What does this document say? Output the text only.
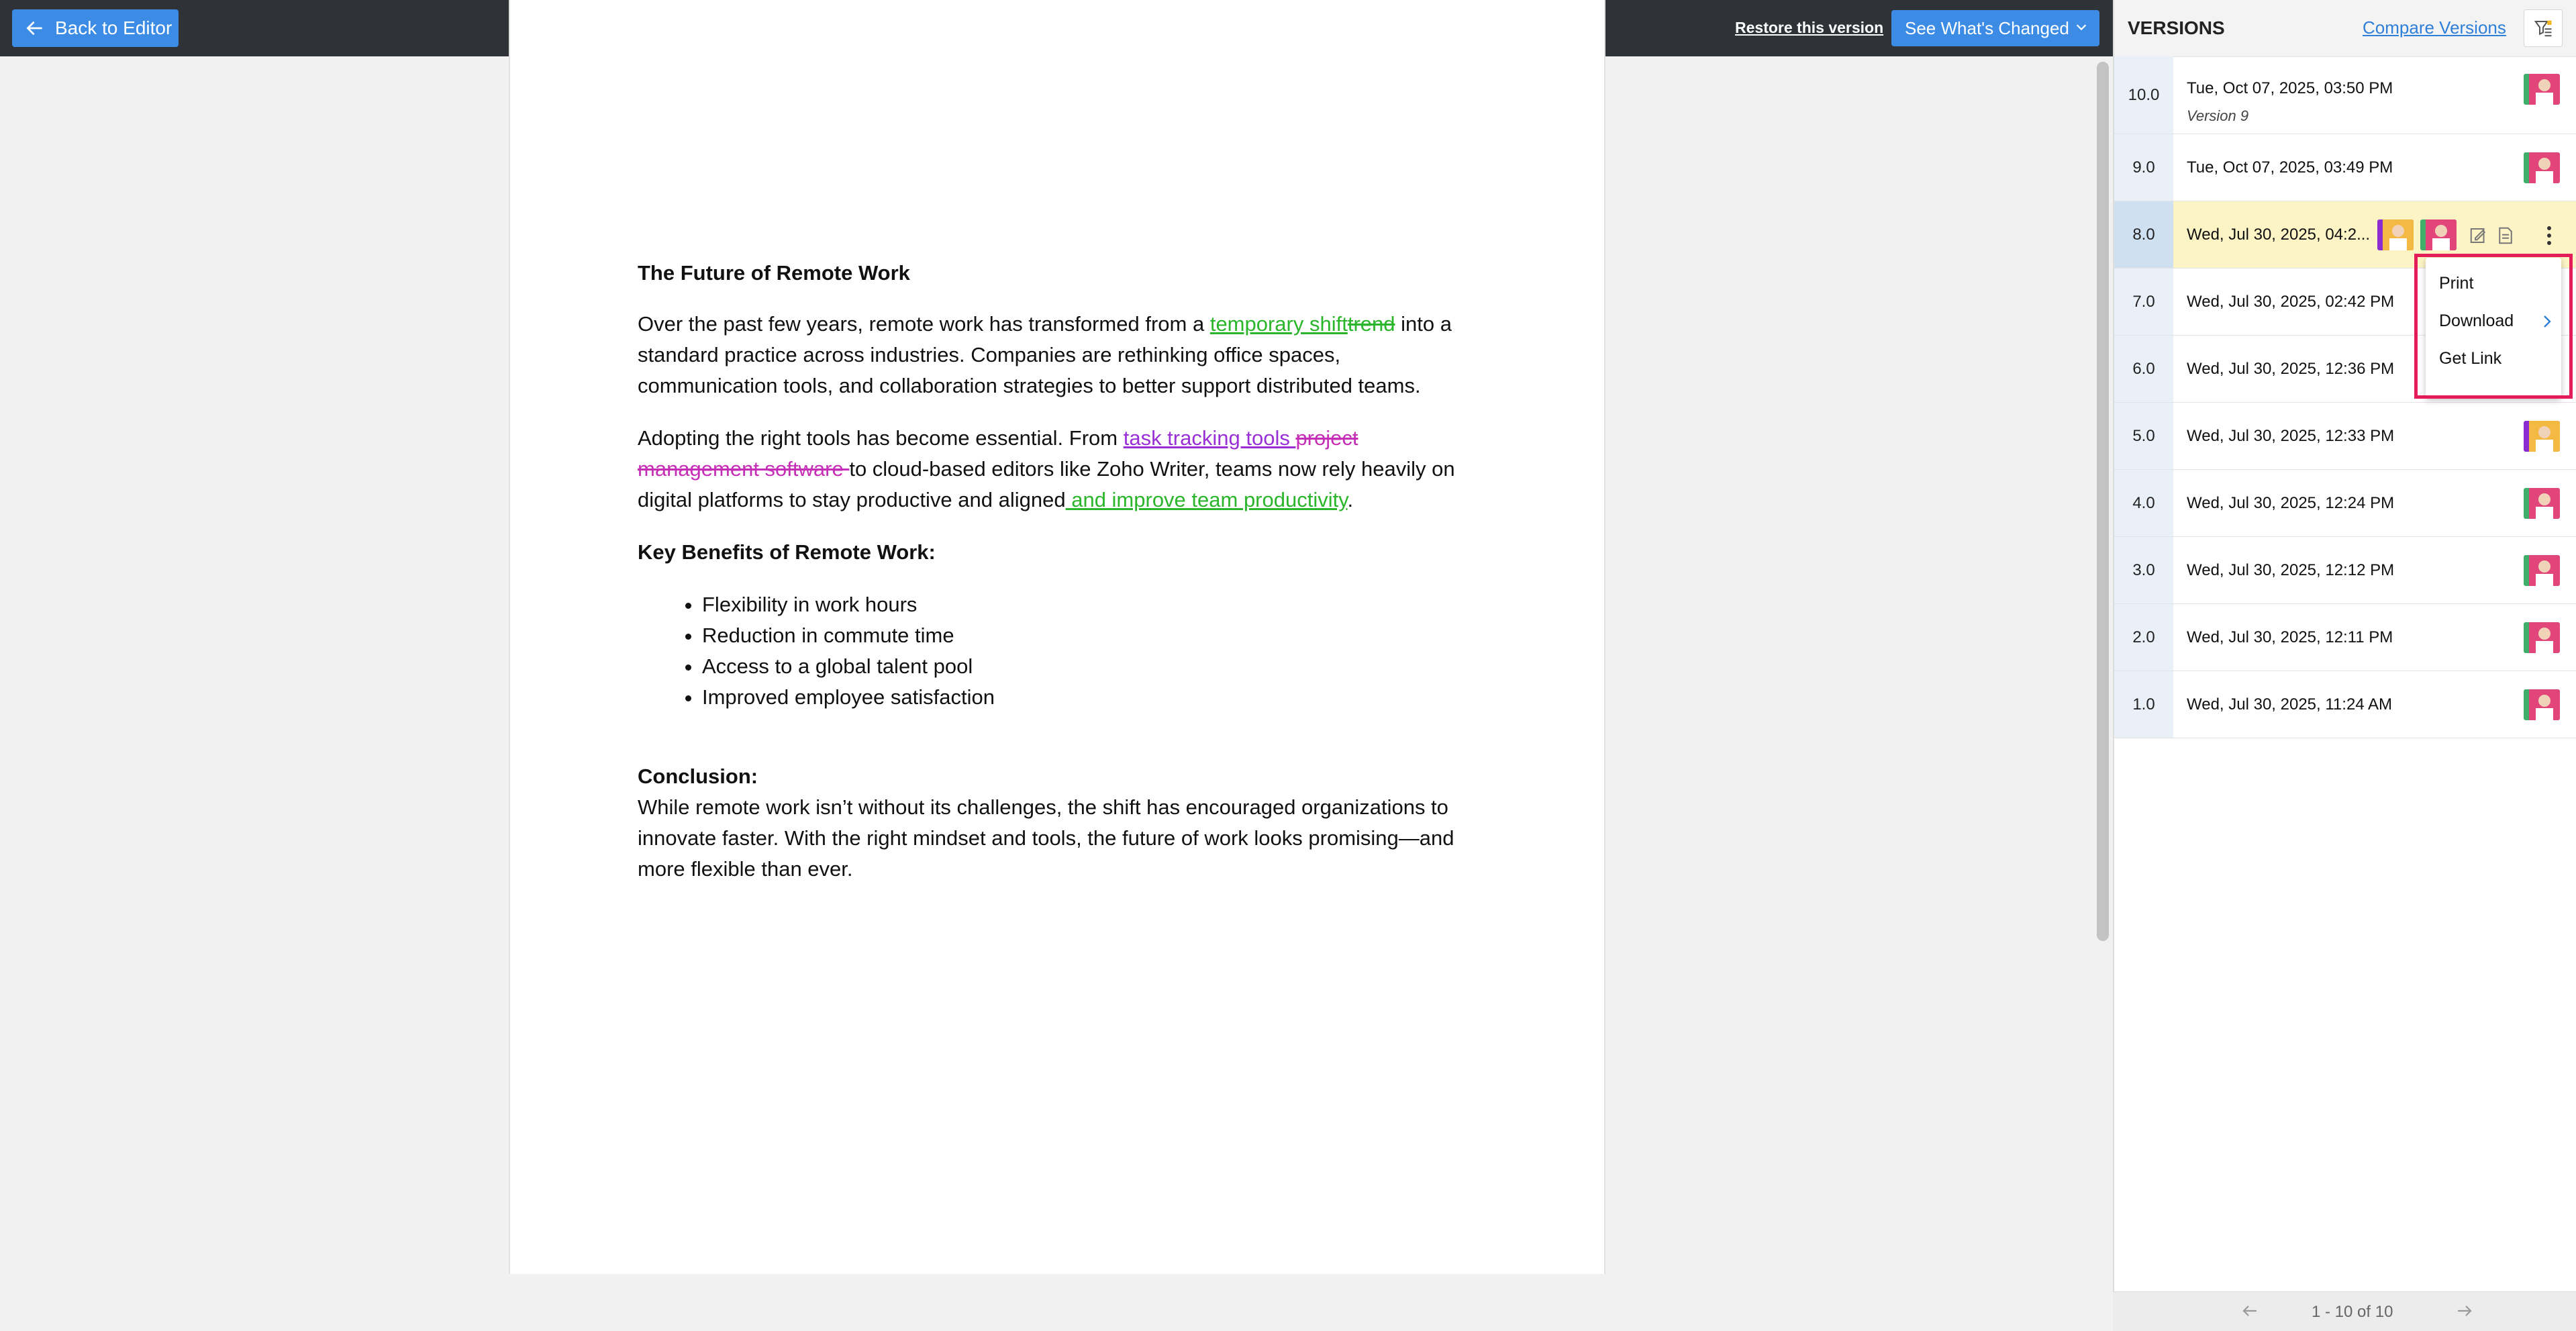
Back to Editor	Restore this version See What's Changed

The Future of Remote Work

Over the past few years, remote work has transformed from a temporary shifttrend into a standard practice across industries. Companies are rethinking office spaces, communication tools, and collaboration strategies to better support distributed teams.

Adopting the right tools has become essential. From task tracking tools project management software to cloud-based editors like Zoho Writer, teams now rely heavily on digital platforms to stay productive and aligned and improve team productivity.

Key Benefits of Remote Work:

• Flexibility in work hours
• Reduction in commute time
• Access to a global talent pool
• Improved employee satisfaction

Conclusion:

While remote work isn’t without its challenges, the shift has encouraged organizations to innovate faster. With the right mindset and tools, the future of work looks promising—and more flexible than ever.

VERSIONS	Compare Versions
10.0	Tue, Oct 07, 2025, 03:50 PM
Version 9
9.0	Tue, Oct 07, 2025, 03:49 PM
8.0	Wed, Jul 30, 2025, 04:2...
7.0	Wed, Jul 30, 2025, 02:42 PM
6.0	Wed, Jul 30, 2025, 12:36 PM
5.0	Wed, Jul 30, 2025, 12:33 PM
4.0	Wed, Jul 30, 2025, 12:24 PM
3.0	Wed, Jul 30, 2025, 12:12 PM
2.0	Wed, Jul 30, 2025, 12:11 PM
1.0	Wed, Jul 30, 2025, 11:24 AM
Print
Download
Get Link
1 - 10 of 10
